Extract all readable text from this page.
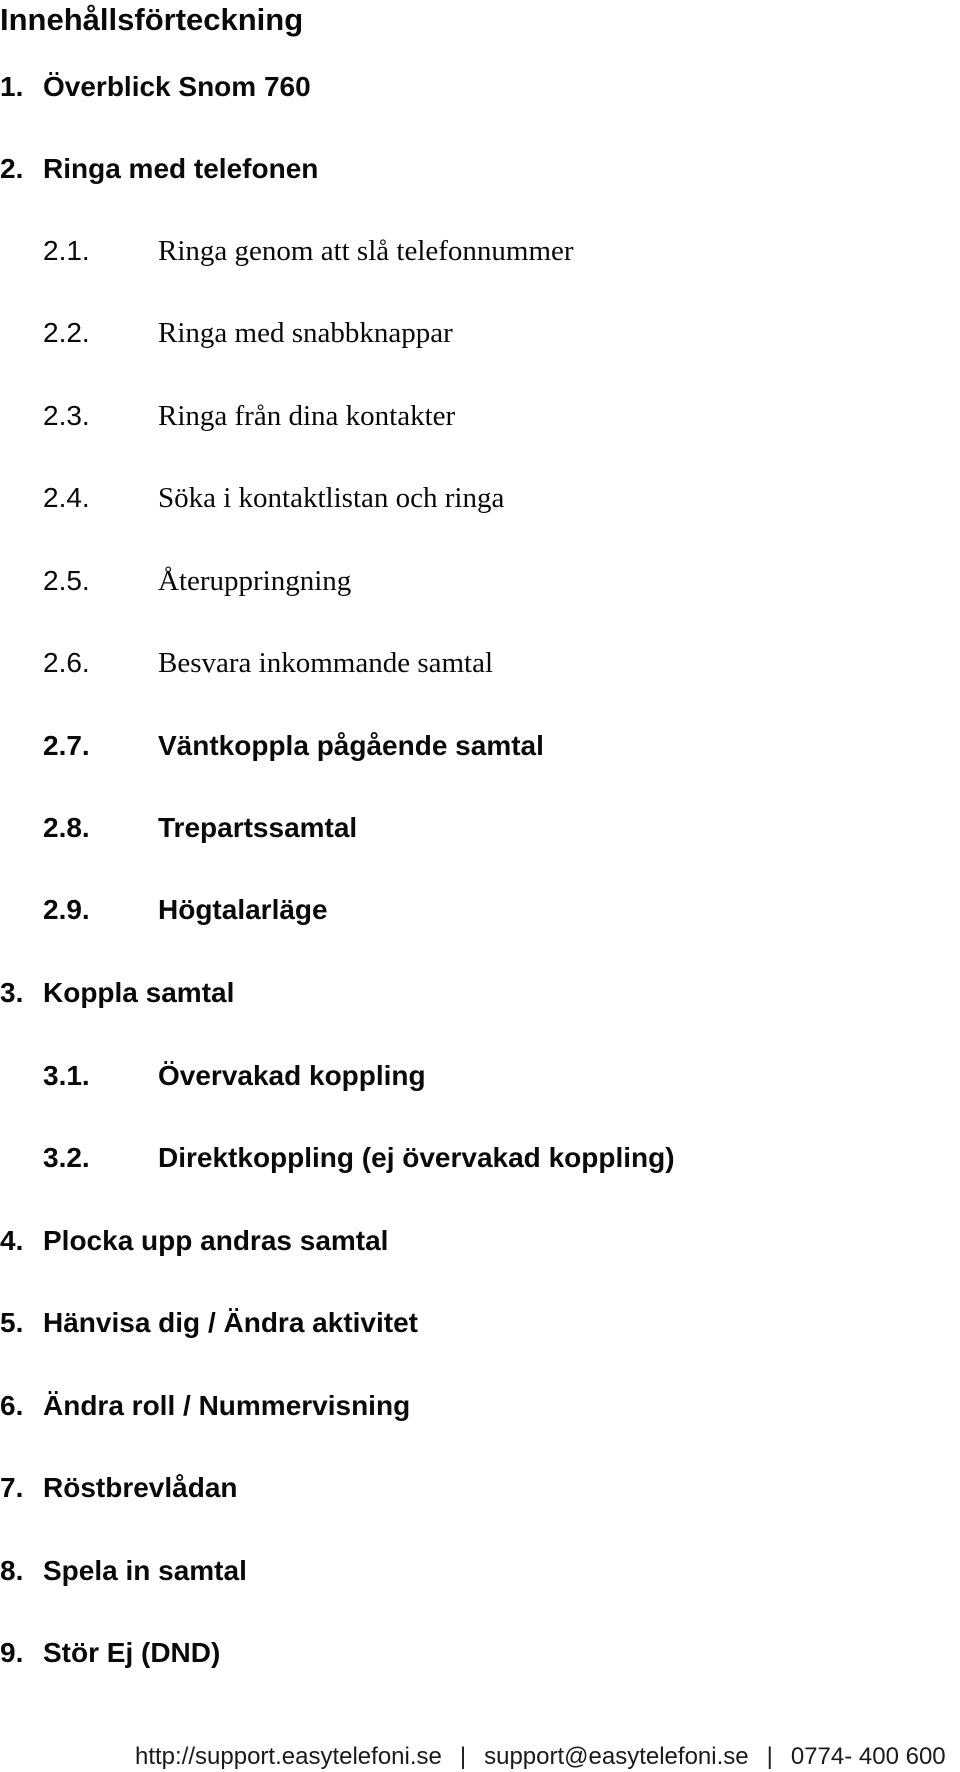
Innehållsförteckning
1. Överblick Snom 760
2. Ringa med telefonen
2.1.	Ringa genom att slå telefonnummer
2.2.	Ringa med snabbknappar
2.3.	Ringa från dina kontakter
2.4.	Söka i kontaktlistan och ringa
2.5.	Återuppringning
2.6.	Besvara inkommande samtal
2.7.	Väntkoppla pågående samtal
2.8.	Trepartssamtal
2.9.	Högtalarläge
3. Koppla samtal
3.1.	Övervakad koppling
3.2.	Direktkoppling (ej övervakad koppling)
4. Plocka upp andras samtal
5. Hänvisa dig / Ändra aktivitet
6. Ändra roll / Nummervisning
7. Röstbrevlådan
8. Spela in samtal
9. Stör Ej (DND)
http://support.easytelefoni.se | support@easytelefoni.se | 0774- 400 600
